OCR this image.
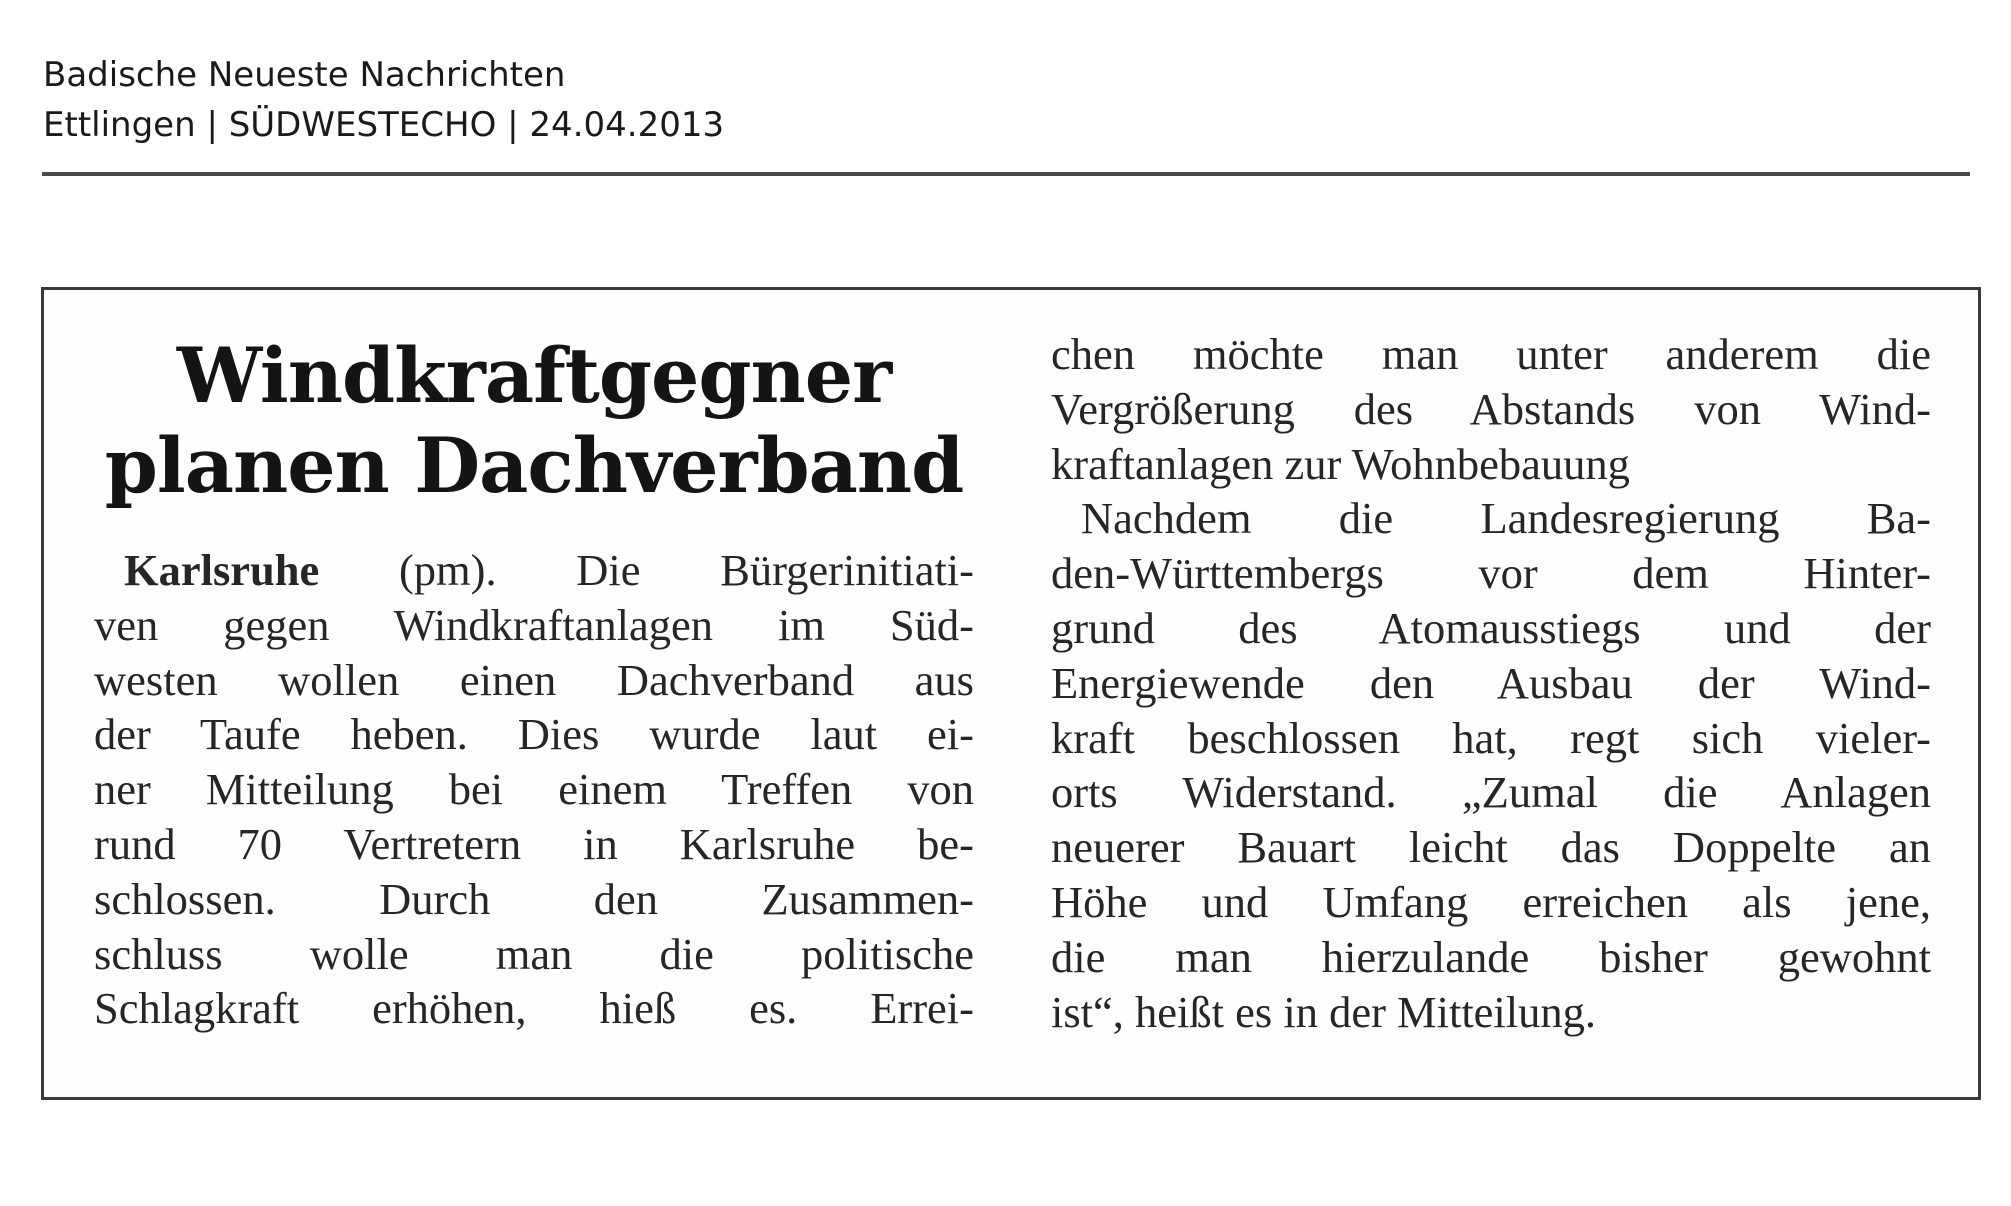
Badische Neueste Nachrichten
Ettlingen | SÜDWESTECHO | 24.04.2013
Windkraftgegner
planen Dachverband
Karlsruhe (pm). Die Bürgerinitiati-
ven gegen Windkraftanlagen im Süd-
westen wollen einen Dachverband aus
der Taufe heben. Dies wurde laut ei-
ner Mitteilung bei einem Treffen von
rund 70 Vertretern in Karlsruhe be-
schlossen. Durch den Zusammen-
schluss wolle man die politische
Schlagkraft erhöhen, hieß es. Errei-
chen möchte man unter anderem die
Vergrößerung des Abstands von Wind-
kraftanlagen zur Wohnbebauung
Nachdem die Landesregierung Ba-
den-Württembergs vor dem Hinter-
grund des Atomausstiegs und der
Energiewende den Ausbau der Wind-
kraft beschlossen hat, regt sich vieler-
orts Widerstand. „Zumal die Anlagen
neuerer Bauart leicht das Doppelte an
Höhe und Umfang erreichen als jene,
die man hierzulande bisher gewohnt
ist“, heißt es in der Mitteilung.
